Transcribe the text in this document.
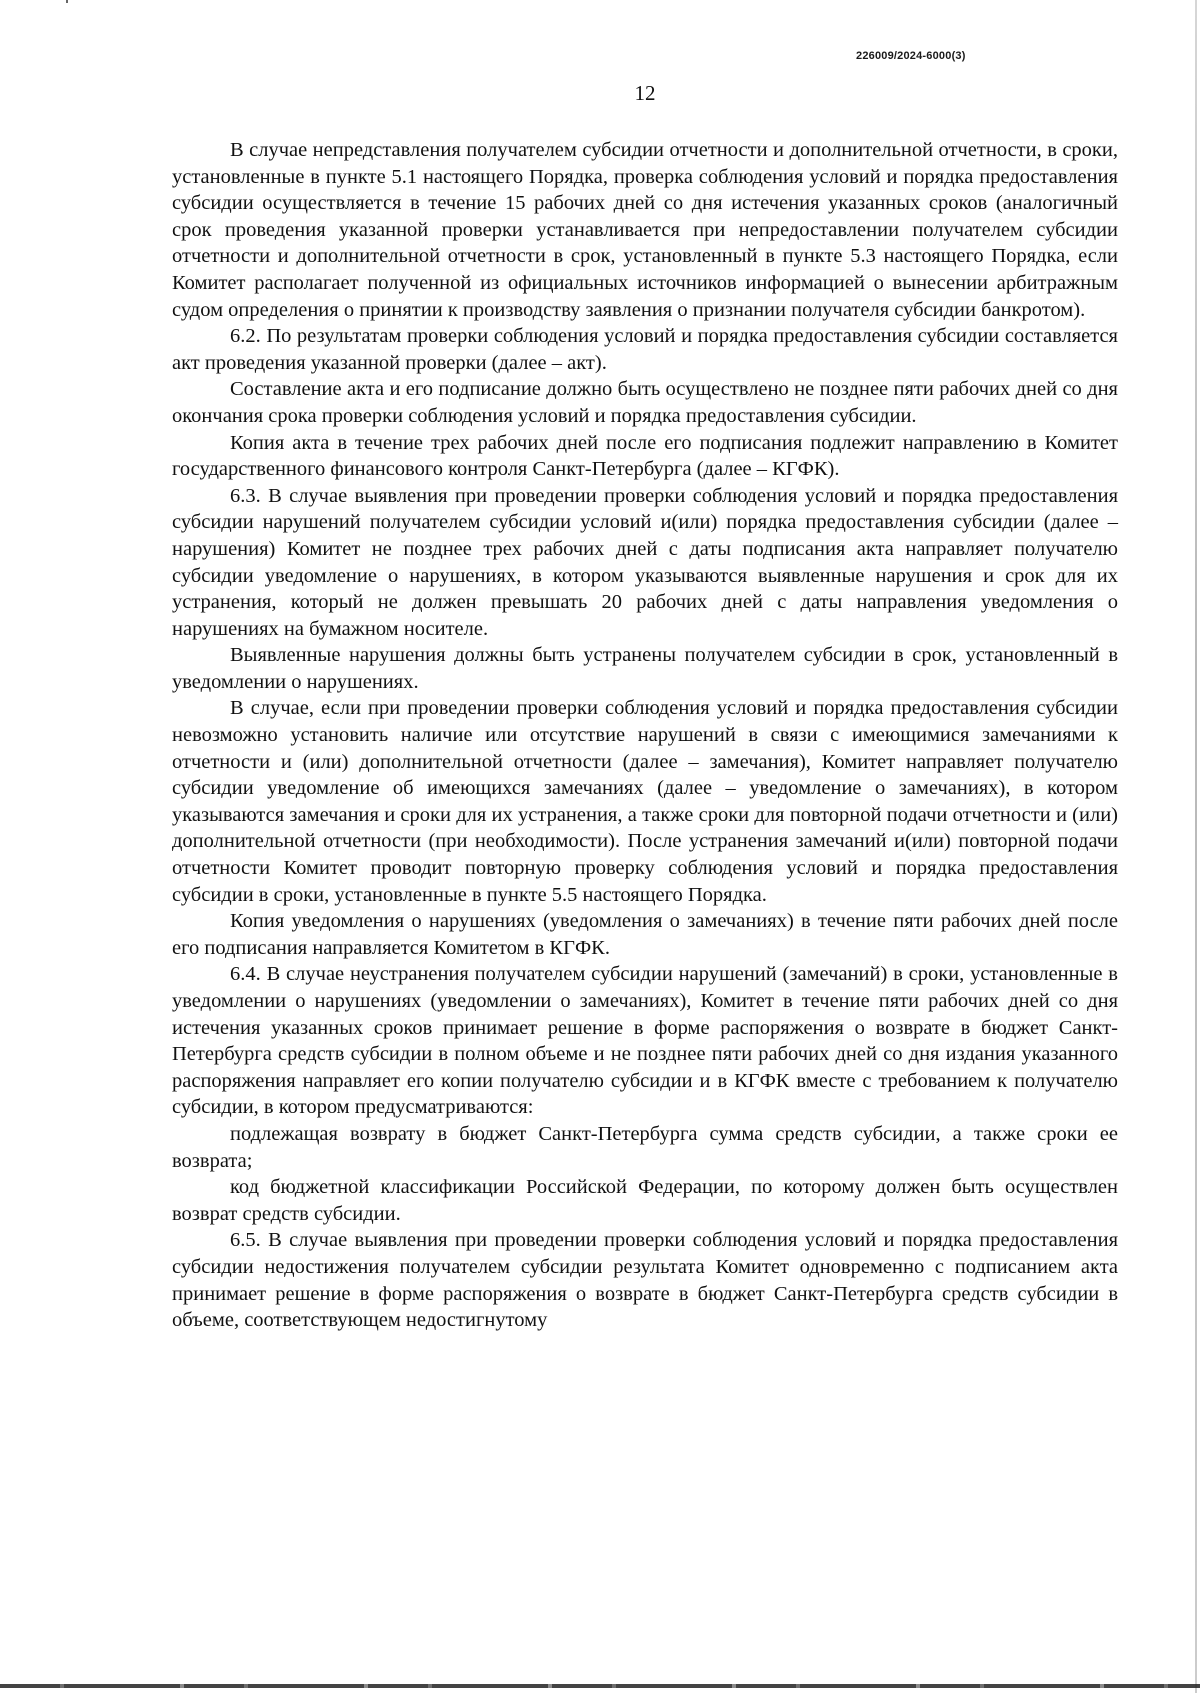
226009/2024-6000(3)
12

В случае непредставления получателем субсидии отчетности и дополнительной отчетности, в сроки, установленные в пункте 5.1 настоящего Порядка, проверка соблюдения условий и порядка предоставления субсидии осуществляется в течение 15 рабочих дней со дня истечения указанных сроков (аналогичный срок проведения указанной проверки устанавливается при непредоставлении получателем субсидии отчетности и дополнительной отчетности в срок, установленный в пункте 5.3 настоящего Порядка, если Комитет располагает полученной из официальных источников информацией о вынесении арбитражным судом определения о принятии к производству заявления о признании получателя субсидии банкротом).

6.2. По результатам проверки соблюдения условий и порядка предоставления субсидии составляется акт проведения указанной проверки (далее – акт).

Составление акта и его подписание должно быть осуществлено не позднее пяти рабочих дней со дня окончания срока проверки соблюдения условий и порядка предоставления субсидии.

Копия акта в течение трех рабочих дней после его подписания подлежит направлению в Комитет государственного финансового контроля Санкт-Петербурга (далее – КГФК).

6.3. В случае выявления при проведении проверки соблюдения условий и порядка предоставления субсидии нарушений получателем субсидии условий и(или) порядка предоставления субсидии (далее – нарушения) Комитет не позднее трех рабочих дней с даты подписания акта направляет получателю субсидии уведомление о нарушениях, в котором указываются выявленные нарушения и срок для их устранения, который не должен превышать 20 рабочих дней с даты направления уведомления о нарушениях на бумажном носителе.

Выявленные нарушения должны быть устранены получателем субсидии в срок, установленный в уведомлении о нарушениях.

В случае, если при проведении проверки соблюдения условий и порядка предоставления субсидии невозможно установить наличие или отсутствие нарушений в связи с имеющимися замечаниями к отчетности и (или) дополнительной отчетности (далее – замечания), Комитет направляет получателю субсидии уведомление об имеющихся замечаниях (далее – уведомление о замечаниях), в котором указываются замечания и сроки для их устранения, а также сроки для повторной подачи отчетности и (или) дополнительной отчетности (при необходимости). После устранения замечаний и(или) повторной подачи отчетности Комитет проводит повторную проверку соблюдения условий и порядка предоставления субсидии в сроки, установленные в пункте 5.5 настоящего Порядка.

Копия уведомления о нарушениях (уведомления о замечаниях) в течение пяти рабочих дней после его подписания направляется Комитетом в КГФК.

6.4. В случае неустранения получателем субсидии нарушений (замечаний) в сроки, установленные в уведомлении о нарушениях (уведомлении о замечаниях), Комитет в течение пяти рабочих дней со дня истечения указанных сроков принимает решение в форме распоряжения о возврате в бюджет Санкт-Петербурга средств субсидии в полном объеме и не позднее пяти рабочих дней со дня издания указанного распоряжения направляет его копии получателю субсидии и в КГФК вместе с требованием к получателю субсидии, в котором предусматриваются:

подлежащая возврату в бюджет Санкт-Петербурга сумма средств субсидии, а также сроки ее возврата;

код бюджетной классификации Российской Федерации, по которому должен быть осуществлен возврат средств субсидии.

6.5. В случае выявления при проведении проверки соблюдения условий и порядка предоставления субсидии недостижения получателем субсидии результата Комитет одновременно с подписанием акта принимает решение в форме распоряжения о возврате в бюджет Санкт-Петербурга средств субсидии в объеме, соответствующем недостигнутому
